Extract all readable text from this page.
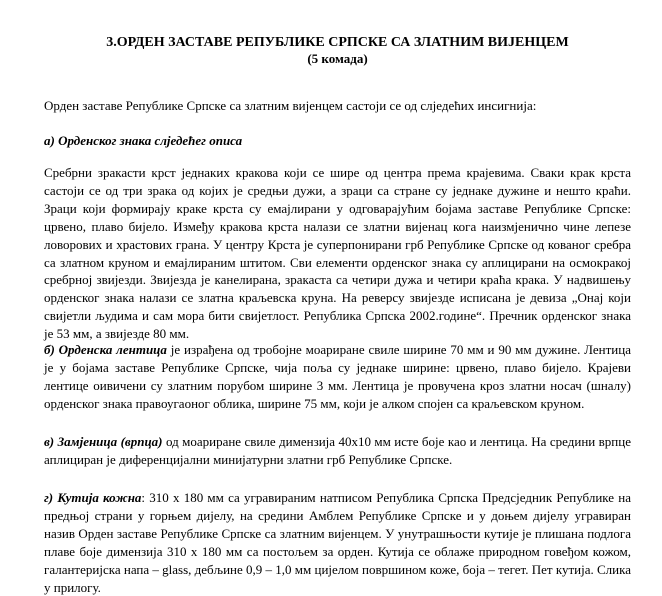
3.ОРДЕН ЗАСТАВЕ РЕПУБЛИКЕ СРПСКЕ СА ЗЛАТНИМ ВИЈЕНЦЕМ

(5 комада)

Орден заставе Републике Српске са златним вијенцем састоји се од слједећих инсигнија:

а) Орденског знака слједећег описа

Сребрни зракасти крст једнаких кракова који се шире од центра према крајевима. Сваки крак крста састоји се од три зрака од којих је средњи дужи, а зраци са стране су једнаке дужине и нешто краћи. Зраци који формирају краке крста су емајлирани у одговарајућим бојама заставе Републике Српске: црвено, плаво бијело. Између кракова крста налази се златни вијенац кога наизмјенично чине лепезе ловорових и храстових грана. У центру Крста је суперпонирани грб Републике Српске од кованог сребра са златном круном и емајлираним штитом. Сви елементи орденског знака су аплицирани на осмокракој сребрној звијезди. Звијезда је канелирана, зракаста са четири дужа и четири краћа крака. У надвишењу орденског знака налази се златна краљевска круна. На реверсу звијезде исписана је девиза „Онај који свијетли људима и сам мора бити свијетлост. Република Српска 2002.године“. Пречник орденског знака је 53 мм, а звијезде 80 мм.

б) Орденска лентица је израђена од тробојне моариране свиле ширине 70 мм и 90 мм дужине. Лентица је у бојама заставе Републике Српске, чија поља су једнаке ширине: црвено, плаво бијело. Крајеви лентице оивичени су златним порубом ширине 3 мм. Лентица је провучена кроз златни носач (шналу) орденског знака правоугаоног облика, ширине 75 мм, који је алком спојен са краљевском круном.

в) Замјеница (врпца) од моариране свиле димензија 40х10 мм исте боје као и лентица. На средини врпце аплициран је диференцијални минијатурни златни грб Републике Српске.

г) Кутија кожна: 310 х 180 мм са угравираним натписом Република Српска Предсједник Републике на предњој страни у горњем дијелу, на средини Амблем Републике Српске и у доњем дијелу угравиран назив Орден заставе Републике Српске са златним вијенцем. У унутрашњости кутије је плишана подлога плаве боје димензија 310 х 180 мм са постољем за орден. Кутија се облаже природном говеђом кожом, галантеријска напа – glass, дебљине 0,9 – 1,0 мм цијелом површином коже, боја – тегет. Пет кутија. Слика у прилогу.
